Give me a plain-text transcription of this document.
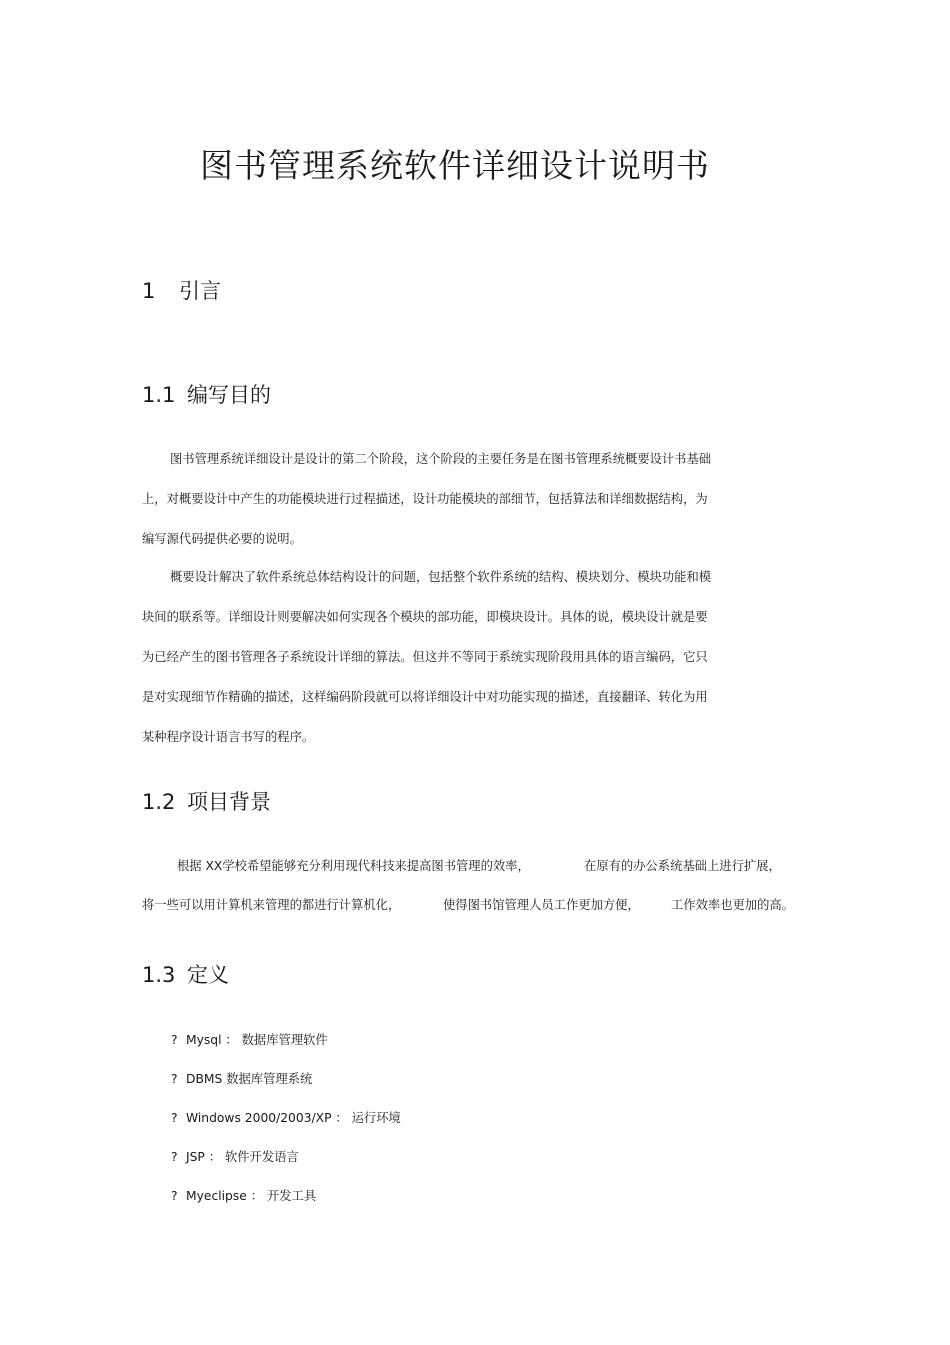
图书管理系统软件详细设计说明书
1 引言
1.1 编写目的
图书管理系统详细设计是设计的第二个阶段，这个阶段的主要任务是在图书管理系统概要设计书基础
上，对概要设计中产生的功能模块进行过程描述，设计功能模块的部细节，包括算法和详细数据结构，为
编写源代码提供必要的说明。
概要设计解决了软件系统总体结构设计的问题，包括整个软件系统的结构、模块划分、模块功能和模
块间的联系等。详细设计则要解决如何实现各个模块的部功能，即模块设计。具体的说，模块设计就是要
为已经产生的图书管理各子系统设计详细的算法。但这并不等同于系统实现阶段用具体的语言编码，它只
是对实现细节作精确的描述，这样编码阶段就可以将详细设计中对功能实现的描述，直接翻译、转化为用
某种程序设计语言书写的程序。
1.2 项目背景
根据 XX学校希望能够充分利用现代科技来提高图书管理的效率，	在原有的办公系统基础上进行扩展，
将一些可以用计算机来管理的都进行计算机化，	使得图书馆管理人员工作更加方便，	工作效率也更加的高。
1.3 定义
? Mysql ： 数据库管理软件
? DBMS 数据库管理系统
? Windows 2000/2003/XP ： 运行环境
? JSP ： 软件开发语言
? Myeclipse ： 开发工具
